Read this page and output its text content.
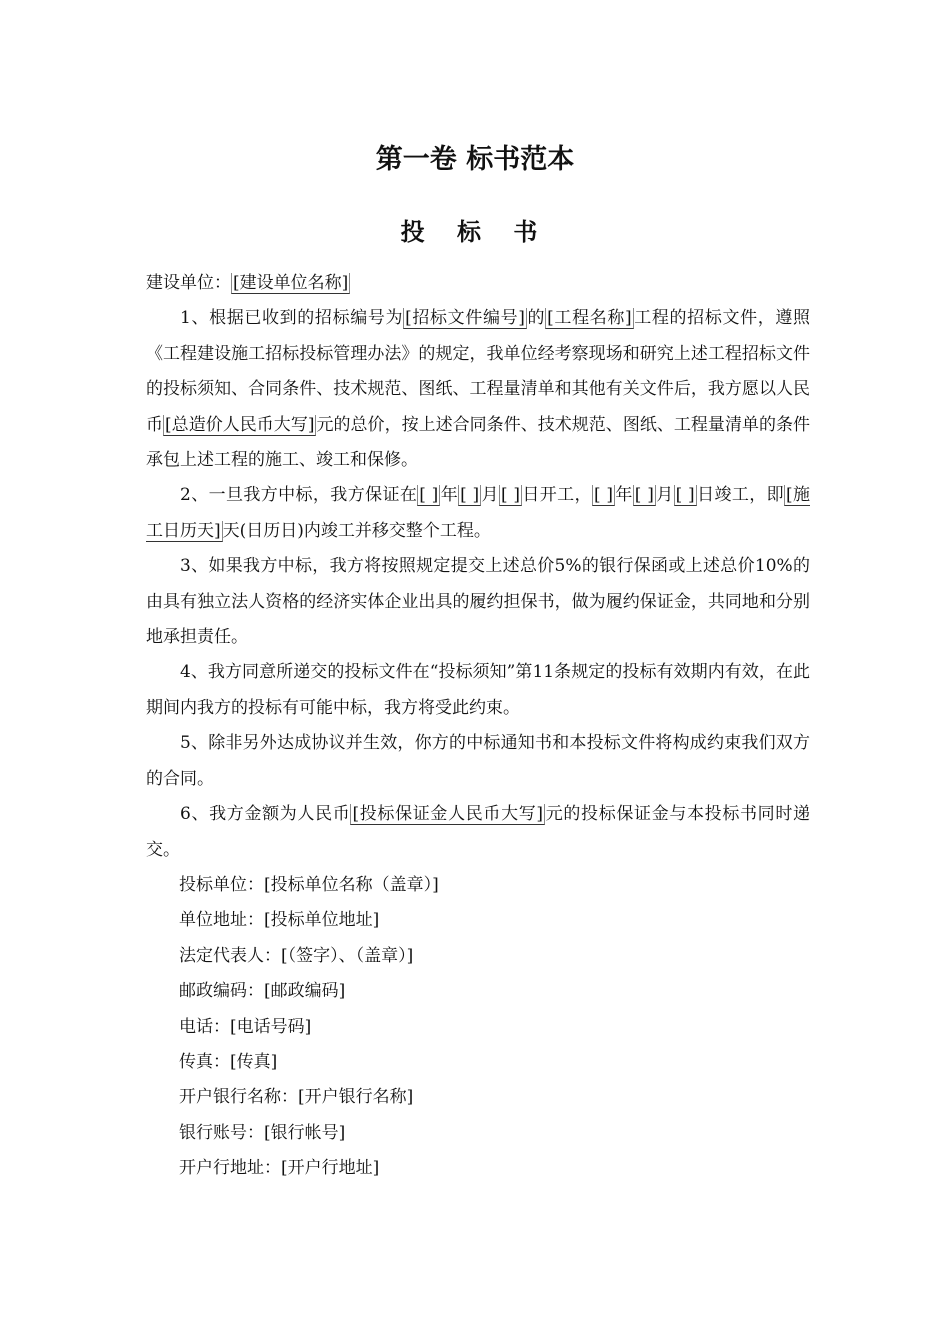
第一卷 标书范本
投 标 书

建设单位： [建设单位名称]

1、根据已收到的招标编号为 [招标文件编号] 的 [工程名称] 工程的招标文件，遵照《工程建设施工招标投标管理办法》的规定，我单位经考察现场和研究上述工程招标文件的投标须知、合同条件、技术规范、图纸、工程量清单和其他有关文件后，我方愿以人民币 [总造价人民币大写] 元的总价，按上述合同条件、技术规范、图纸、工程量清单的条件承包上述工程的施工、竣工和保修。

2、一旦我方中标，我方保证在 [ ] 年 [ ] 月 [ ] 日开工， [ ] 年 [ ] 月 [ ] 日竣工，即 [施工日历天] 天(日历日)内竣工并移交整个工程。

3、如果我方中标，我方将按照规定提交上述总价5%的银行保函或上述总价10%的由具有独立法人资格的经济实体企业出具的履约担保书，做为履约保证金，共同地和分别地承担责任。

4、我方同意所递交的投标文件在“投标须知”第11条规定的投标有效期内有效，在此期间内我方的投标有可能中标，我方将受此约束。

5、除非另外达成协议并生效，你方的中标通知书和本投标文件将构成约束我们双方的合同。

6、我方金额为人民币 [投标保证金人民币大写] 元的投标保证金与本投标书同时递交。

投标单位：[投标单位名称（盖章）]

单位地址：[投标单位地址]

法定代表人：[（签字）、（盖章）]

邮政编码：[邮政编码]

电话：[电话号码]

传真：[传真]

开户银行名称：[开户银行名称]

银行账号：[银行帐号]

开户行地址：[开户行地址]
